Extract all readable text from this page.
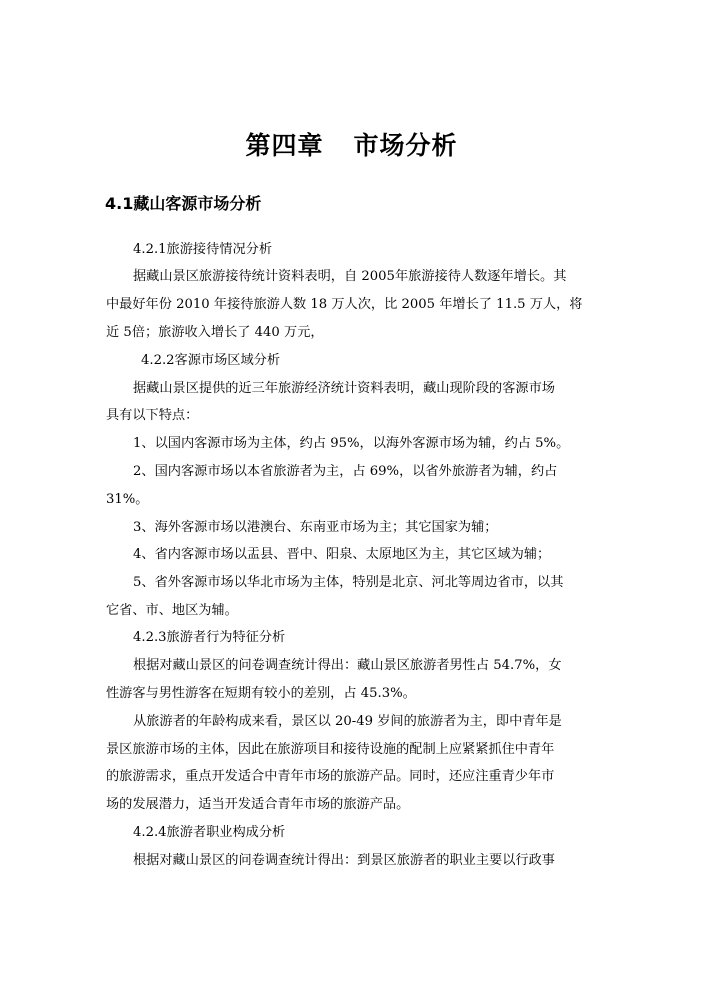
第四章 市场分析
4.1藏山客源市场分析

4.2.1旅游接待情况分析

据藏山景区旅游接待统计资料表明，自 2005年旅游接待人数逐年增长。其

中最好年份 2010 年接待旅游人数 18 万人次，比 2005 年增长了 11.5 万人，将

近 5倍；旅游收入增长了 440 万元，

4.2.2客源市场区域分析

据藏山景区提供的近三年旅游经济统计资料表明，藏山现阶段的客源市场

具有以下特点：

1、以国内客源市场为主体，约占 95%，以海外客源市场为辅，约占 5%。

2、国内客源市场以本省旅游者为主，占 69%，以省外旅游者为辅，约占

31%。

3、海外客源市场以港澳台、东南亚市场为主；其它国家为辅；

4、省内客源市场以盂县、晋中、阳泉、太原地区为主，其它区域为辅；

5、省外客源市场以华北市场为主体，特别是北京、河北等周边省市，以其

它省、市、地区为辅。

4.2.3旅游者行为特征分析

根据对藏山景区的问卷调查统计得出：藏山景区旅游者男性占 54.7%，女

性游客与男性游客在短期有较小的差别，占 45.3%。

从旅游者的年龄构成来看，景区以 20-49 岁间的旅游者为主，即中青年是

景区旅游市场的主体，因此在旅游项目和接待设施的配制上应紧紧抓住中青年

的旅游需求，重点开发适合中青年市场的旅游产品。同时，还应注重青少年市

场的发展潜力，适当开发适合青年市场的旅游产品。

4.2.4旅游者职业构成分析

根据对藏山景区的问卷调查统计得出：到景区旅游者的职业主要以行政事
